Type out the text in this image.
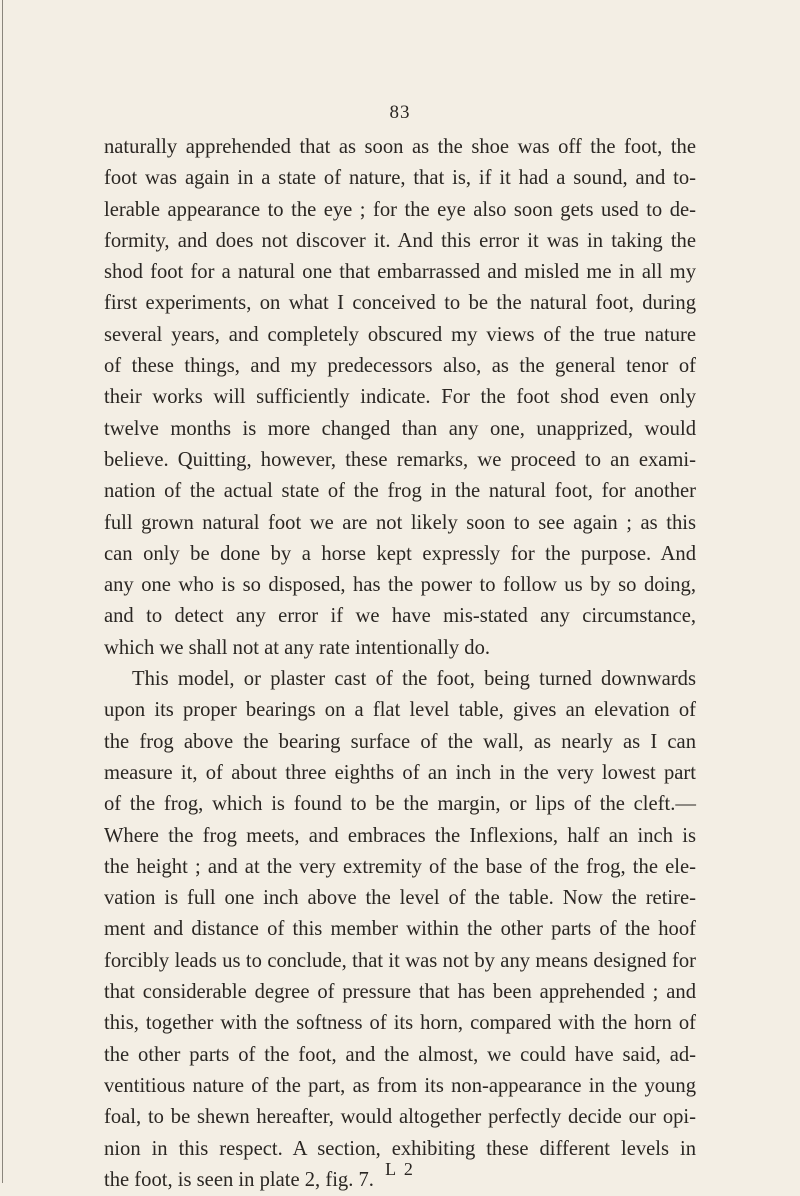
83
naturally apprehended that as soon as the shoe was off the foot, the
foot was again in a state of nature, that is, if it had a sound, and to-
lerable appearance to the eye ; for the eye also soon gets used to de-
formity, and does not discover it. And this error it was in taking the
shod foot for a natural one that embarrassed and misled me in all my
first experiments, on what I conceived to be the natural foot, during
several years, and completely obscured my views of the true nature
of these things, and my predecessors also, as the general tenor of
their works will sufficiently indicate. For the foot shod even only
twelve months is more changed than any one, unapprized, would
believe. Quitting, however, these remarks, we proceed to an exami-
nation of the actual state of the frog in the natural foot, for another
full grown natural foot we are not likely soon to see again ; as this
can only be done by a horse kept expressly for the purpose. And
any one who is so disposed, has the power to follow us by so doing,
and to detect any error if we have mis-stated any circumstance,
which we shall not at any rate intentionally do.
This model, or plaster cast of the foot, being turned downwards
upon its proper bearings on a flat level table, gives an elevation of
the frog above the bearing surface of the wall, as nearly as I can
measure it, of about three eighths of an inch in the very lowest part
of the frog, which is found to be the margin, or lips of the cleft.—
Where the frog meets, and embraces the Inflexions, half an inch is
the height ; and at the very extremity of the base of the frog, the ele-
vation is full one inch above the level of the table. Now the retire-
ment and distance of this member within the other parts of the hoof
forcibly leads us to conclude, that it was not by any means designed for
that considerable degree of pressure that has been apprehended ; and
this, together with the softness of its horn, compared with the horn of
the other parts of the foot, and the almost, we could have said, ad-
ventitious nature of the part, as from its non-appearance in the young
foal, to be shewn hereafter, would altogether perfectly decide our opi-
nion in this respect. A section, exhibiting these different levels in
the foot, is seen in plate 2, fig. 7. L 2
